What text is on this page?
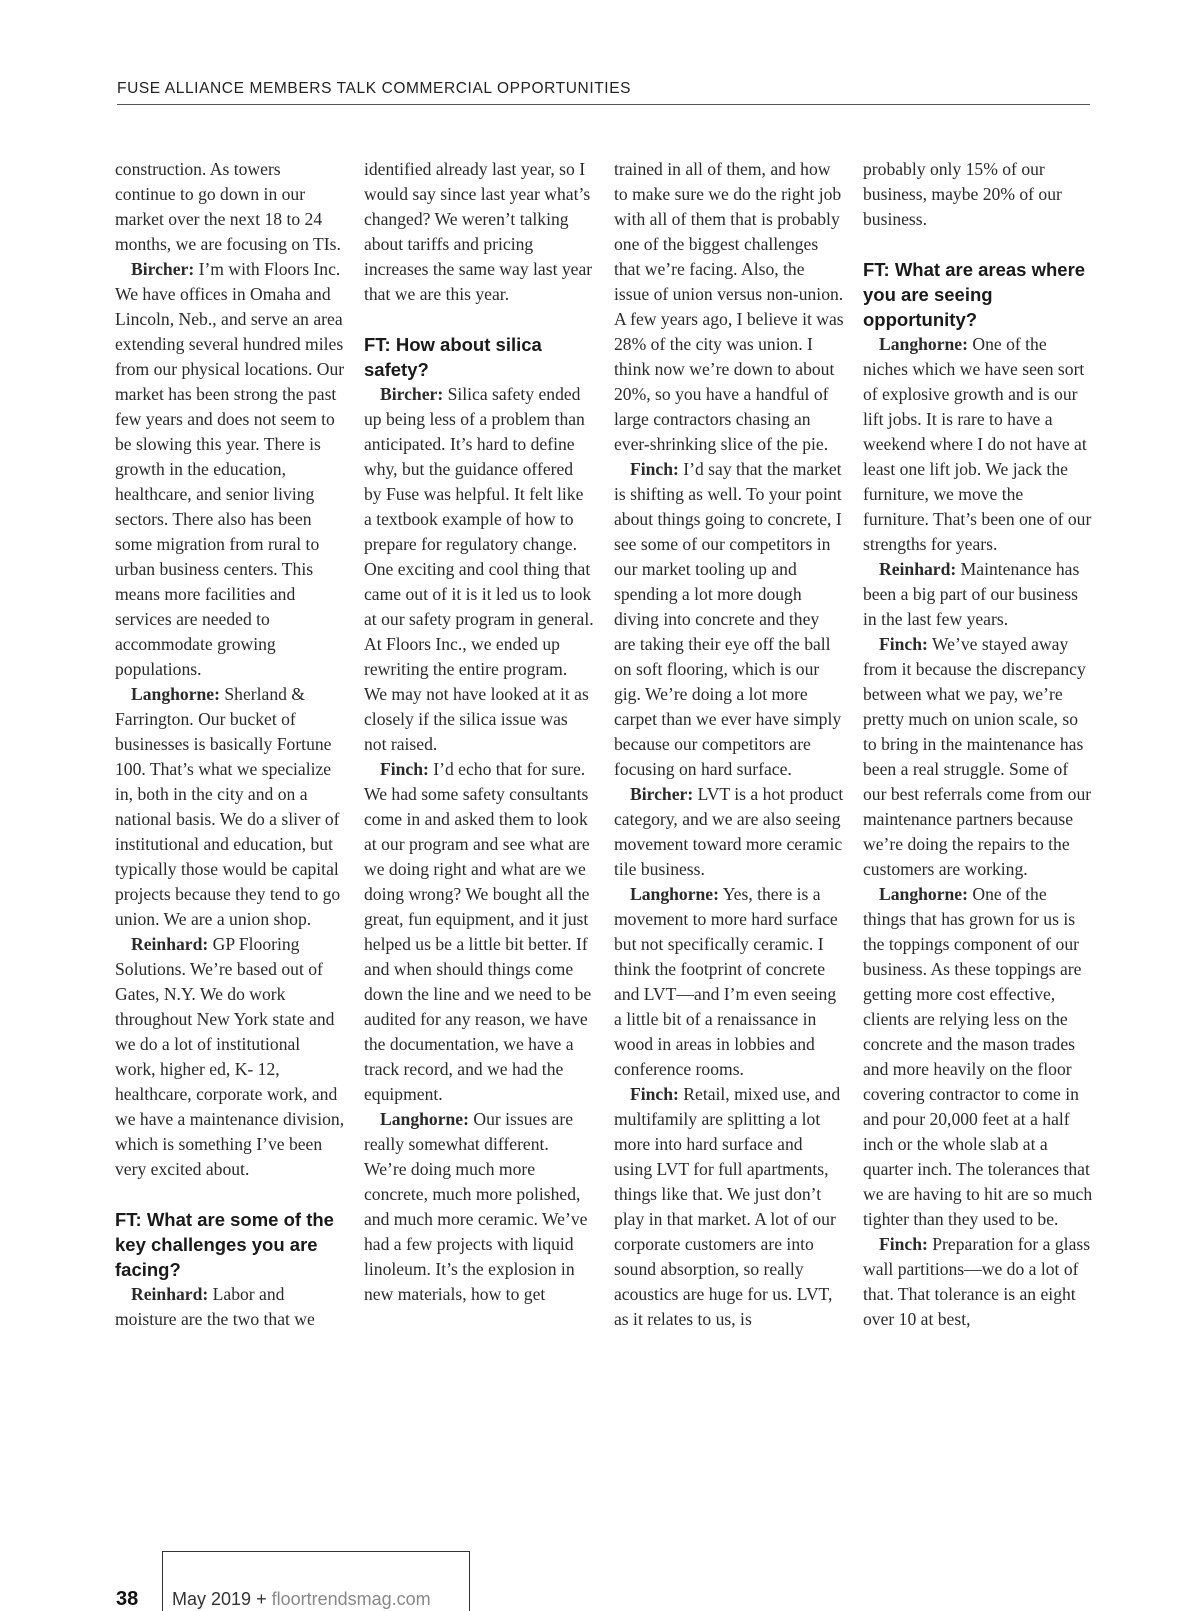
FUSE ALLIANCE MEMBERS TALK COMMERCIAL OPPORTUNITIES

construction. As towers continue to go down in our market over the next 18 to 24 months, we are focusing on TIs.

Bircher: I’m with Floors Inc. We have offices in Omaha and Lincoln, Neb., and serve an area extending several hundred miles from our physical locations. Our market has been strong the past few years and does not seem to be slowing this year. There is growth in the education, healthcare, and senior living sectors. There also has been some migration from rural to urban business centers. This means more facilities and services are needed to accommodate growing populations.

Langhorne: Sherland & Farrington. Our bucket of businesses is basically Fortune 100. That’s what we specialize in, both in the city and on a national basis. We do a sliver of institutional and education, but typically those would be capital projects because they tend to go union. We are a union shop.

Reinhard: GP Flooring Solutions. We’re based out of Gates, N.Y. We do work throughout New York state and we do a lot of institutional work, higher ed, K- 12, healthcare, corporate work, and we have a maintenance division, which is something I’ve been very excited about.

FT: What are some of the key challenges you are facing?

Reinhard: Labor and moisture are the two that we

identified already last year, so I would say since last year what’s changed? We weren’t talking about tariffs and pricing increases the same way last year that we are this year.

FT: How about silica safety?

Bircher: Silica safety ended up being less of a problem than anticipated. It’s hard to define why, but the guidance offered by Fuse was helpful. It felt like a textbook example of how to prepare for regulatory change. One exciting and cool thing that came out of it is it led us to look at our safety program in general. At Floors Inc., we ended up rewriting the entire program. We may not have looked at it as closely if the silica issue was not raised.

Finch: I’d echo that for sure. We had some safety consultants come in and asked them to look at our program and see what are we doing right and what are we doing wrong? We bought all the great, fun equipment, and it just helped us be a little bit better. If and when should things come down the line and we need to be audited for any reason, we have the documentation, we have a track record, and we had the equipment.

Langhorne: Our issues are really somewhat different. We’re doing much more concrete, much more polished, and much more ceramic. We’ve had a few projects with liquid linoleum. It’s the explosion in new materials, how to get

trained in all of them, and how to make sure we do the right job with all of them that is probably one of the biggest challenges that we’re facing. Also, the issue of union versus non-union. A few years ago, I believe it was 28% of the city was union. I think now we’re down to about 20%, so you have a handful of large contractors chasing an ever-shrinking slice of the pie.

Finch: I’d say that the market is shifting as well. To your point about things going to concrete, I see some of our competitors in our market tooling up and spending a lot more dough diving into concrete and they are taking their eye off the ball on soft flooring, which is our gig. We’re doing a lot more carpet than we ever have simply because our competitors are focusing on hard surface.

Bircher: LVT is a hot product category, and we are also seeing movement toward more ceramic tile business.

Langhorne: Yes, there is a movement to more hard surface but not specifically ceramic. I think the footprint of concrete and LVT—and I’m even seeing a little bit of a renaissance in wood in areas in lobbies and conference rooms.

Finch: Retail, mixed use, and multifamily are splitting a lot more into hard surface and using LVT for full apartments, things like that. We just don’t play in that market. A lot of our corporate customers are into sound absorption, so really acoustics are huge for us. LVT, as it relates to us, is

probably only 15% of our business, maybe 20% of our business.

FT: What are areas where you are seeing opportunity?

Langhorne: One of the niches which we have seen sort of explosive growth and is our lift jobs. It is rare to have a weekend where I do not have at least one lift job. We jack the furniture, we move the furniture. That’s been one of our strengths for years.

Reinhard: Maintenance has been a big part of our business in the last few years.

Finch: We’ve stayed away from it because the discrepancy between what we pay, we’re pretty much on union scale, so to bring in the maintenance has been a real struggle. Some of our best referrals come from our maintenance partners because we’re doing the repairs to the customers are working.

Langhorne: One of the things that has grown for us is the toppings component of our business. As these toppings are getting more cost effective, clients are relying less on the concrete and the mason trades and more heavily on the floor covering contractor to come in and pour 20,000 feet at a half inch or the whole slab at a quarter inch. The tolerances that we are having to hit are so much tighter than they used to be.

Finch: Preparation for a glass wall partitions—we do a lot of that. That tolerance is an eight over 10 at best,

38 May 2019 + floortrendsmag.com
